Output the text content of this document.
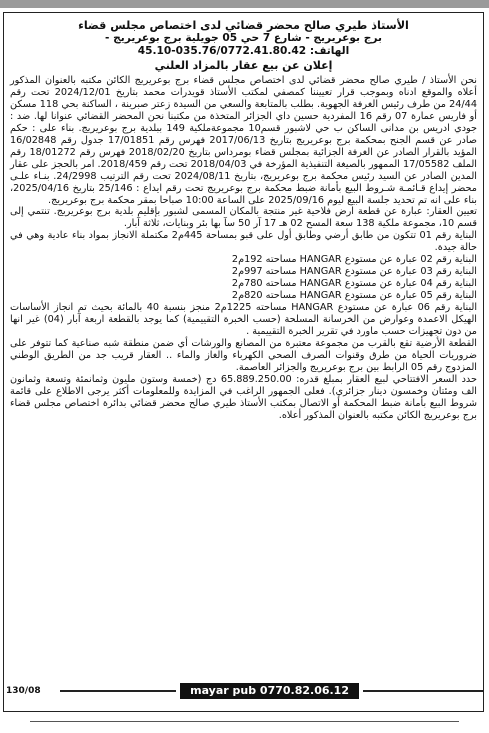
الأستاذ طيري صالح محضر قضائي لدى اختصاص مجلس قضاء
برج بوعريريج - شارع 7 حي 05 جويلية برج بوعريريج -
الهاتف: 45.10-035.76/0772.41.80.42
إعلان عن بيع عقار بالمزاد العلني

نحن الأستاذ / طيري صالح محضر قضائي لدى اختصاص مجلس قضاء برج بوعريريج الكائن مكتبه بالعنوان المذكور أعلاه والموقع ادناه وبموجب قرار تعييننا كمصفي لمكتب الأستاذ قويدرات محمد بتاريخ 2024/12/01 تحت رقم 24/44 من طرف رئيس الغرفة الجهوية. بطلب بالمتابعة والسعي من السيدة زعتر صبرينة ، الساكنة بحي 118 مسكن أو فاريس عمارة 07 رقم 16 المفردية حسين داي الجزائر المتخذة من مكتبنا نحن المحضر القضائي عنوانا لها. ضد : جودي ادريس بن مدانى الساكن ب حي لاشبور قسم10 مجموعةملكية 149 ببلدية برج بوعريريج. بناء على : حكم صادر عن قسم الجنح بمحكمة برج بوعريريج بتاريخ 2017/06/13 فهرس رقم 17/01851 جدول رقم 16/02848 المؤيد بالقرار الصادر عن الغرفة الجزائية بمجلس قضاء بومرداس بتاريخ 2018/02/20 فهرس رقم 18/01272 رقم الملف 17/05582 الممهور بالصيغة التنفيذية المؤرخة في 2018/04/03 تحت رقم 2018/459. امر بالحجز على عقار المدين الصادر عن السيد رئيس محكمة برج بوعريريج، بتاريخ 2024/08/11 تحت رقم الترتيب 24/2998. بنـاء علـى محضر إيداع قـائمـة شـروط البيع بأمانة ضبط محكمة برج بوعريريج تحت رقم ايداع : 25/146 بتاريخ 2025/04/16، بناء على انه تم تحديد جلسة البيع ليوم 2025/09/16 على الساعة 10:00 صباحا بمقر محكمة برج بوعريريج.

تعيين العقار: عبارة عن قطعة ارض فلاحية غير منتجة بالمكان المسمى لشبور بإقليم بلدية برج بوعريريج. تنتمي إلى قسم 10، مجموعة ملكية 138 سعة المسح 02 هـ 17 آر 50 سآ بها بئر وبنايات، ثلاثة آبار.

البناية رقم 01 تتكون من طابق أرضي وطابق أول على قبو بمساحة 445م2 مكتملة الانجاز بمواد بناء عادية وهي في حالة جيدة.

البناية رقم 02 عبارة عن مستودع HANGAR مساحته 192م2

البناية رقم 03 عبارة عن مستودع HANGAR مساحته 997م2

البناية رقم 04 عبارة عن مستودع HANGAR مساحته 780م2

البناية رقم 05 عبارة عن مستودع HANGAR مساحته 820م2

البناية رقم 06 عبارة عن مستودع HANGAR مساحته 1225م2 منجز بنسبة 40 بالمائة بحيث تم انجاز الأساسات الهيكل الاعمدة وعوارض من الخرسانة المسلحة (حسب الخبرة التقييمية) كما يوجد بالقطعة اربعة آبار (04) غير انها من دون تجهيزات حسب ماورد في تقرير الخبرة التقييمية .

القطعة الأرضية تقع بالقرب من مجموعة معتبرة من المصانع والورشات أي ضمن منطقة شبه صناعية كما تتوفر على ضروريات الحياة من طرق وقنوات الصرف الصحي الكهرباء والغاز والماء .. العقار قريب جد من الطريق الوطني المزدوج رقم 05 الرابط بين برج بوعريريج والجزائر العاصمة.

حدد السعر الافتتاحي لبيع العقار بمبلغ قدره: 65.889.250.00 دج (خمسة وستون مليون وثمانمئة وتسعة وثمانون الف ومئتان وخمسون دينار جزائري). فعلى الجمهور الراغب في المزايدة وللمعلومات أكثر يرجى الاطلاع على قائمة شروط البيع بأمانة ضبط المحكمة أو الاتصال بمكتب الأستاذ طيري صالح محضر قضائي بدائرة اختصاص مجلس قضاء برج بوعريريج الكائن مكتبه بالعنوان المذكور أعلاه.

130/08	mayar pub 0770.82.06.12
